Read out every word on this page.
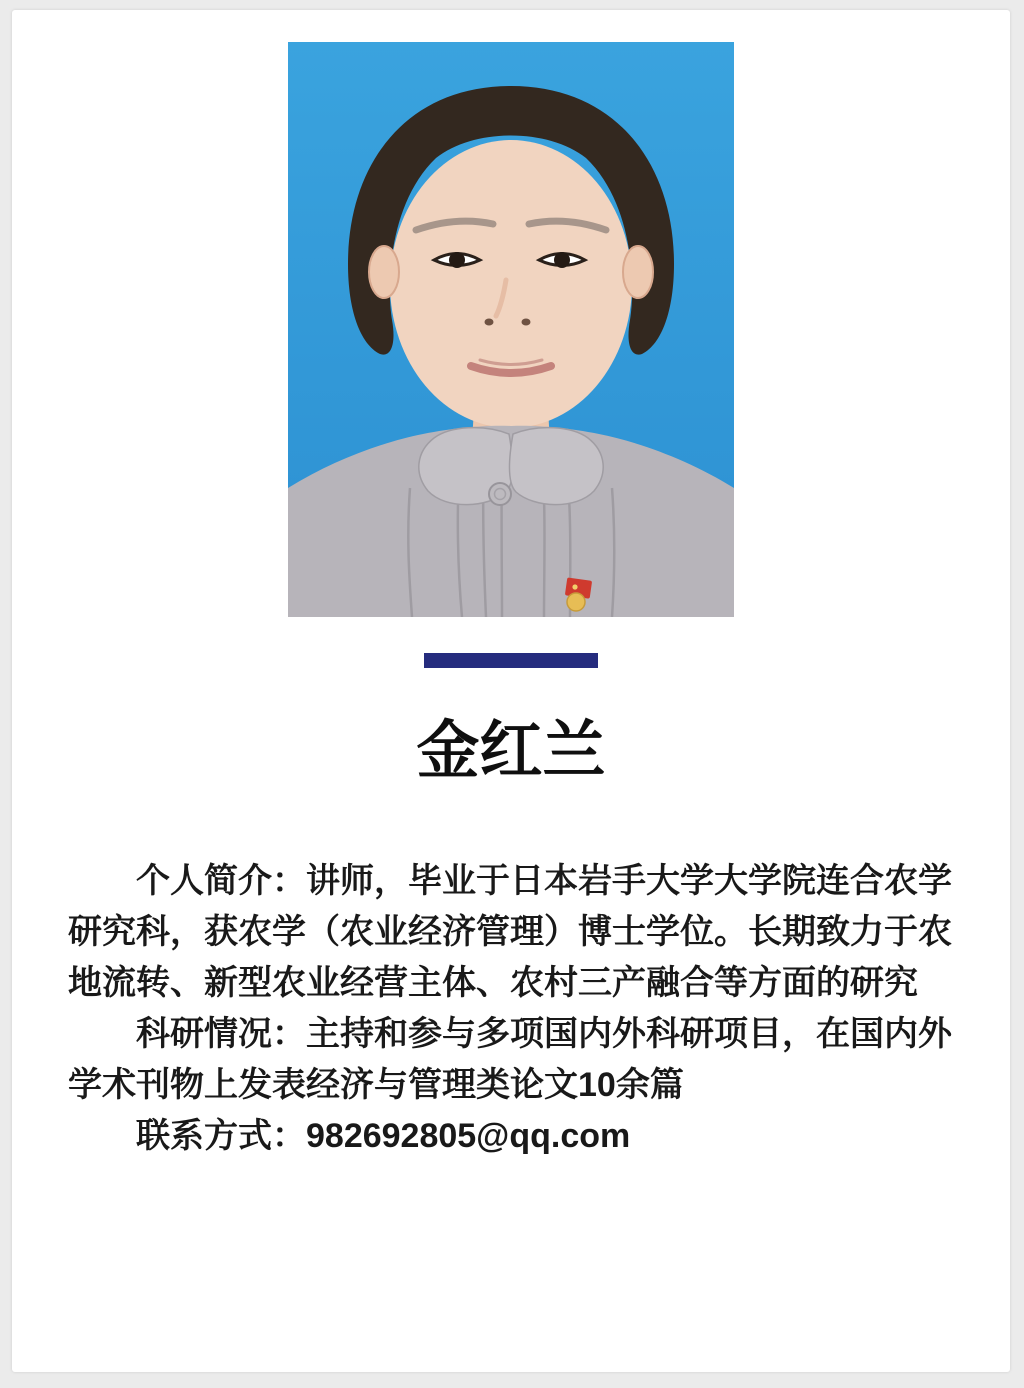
金红兰

个人简介：讲师，毕业于日本岩手大学大学院连合农学

研究科，获农学（农业经济管理）博士学位。长期致力于农

地流转、新型农业经营主体、农村三产融合等方面的研究

科研情况：主持和参与多项国内外科研项目，在国内外

学术刊物上发表经济与管理类论文10余篇

联系方式：982692805@qq.com
